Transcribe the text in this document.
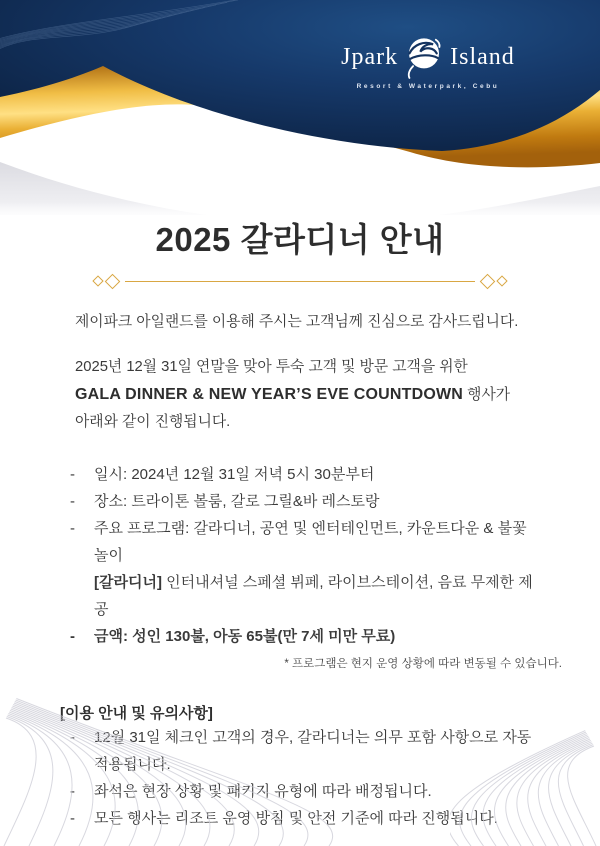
Jpark Island
Resort & Waterpark, Cebu
2025 갈라디너 안내

제이파크 아일랜드를 이용해 주시는 고객님께 진심으로 감사드립니다.

2025년 12월 31일 연말을 맞아 투숙 고객 및 방문 고객을 위한
GALA DINNER & NEW YEAR’S EVE COUNTDOWN 행사가
아래와 같이 진행됩니다.

-	일시: 2024년 12월 31일 저녁 5시 30분부터
-	장소: 트라이톤 볼룸, 갈로 그릴&바 레스토랑
-	주요 프로그램: 갈라디너, 공연 및 엔터테인먼트, 카운트다운 & 불꽃놀이
[갈라디너] 인터내셔널 스페셜 뷔페, 라이브스테이션, 음료 무제한 제공
-	금액: 성인 130불, 아동 65불(만 7세 미만 무료)
* 프로그램은 현지 운영 상황에 따라 변동될 수 있습니다.
[이용 안내 및 유의사항]
-	12월 31일 체크인 고객의 경우, 갈라디너는 의무 포함 사항으로 자동 적용됩니다.
-	좌석은 현장 상황 및 패키지 유형에 따라 배정됩니다.
-	모든 행사는 리조트 운영 방침 및 안전 기준에 따라 진행됩니다.
